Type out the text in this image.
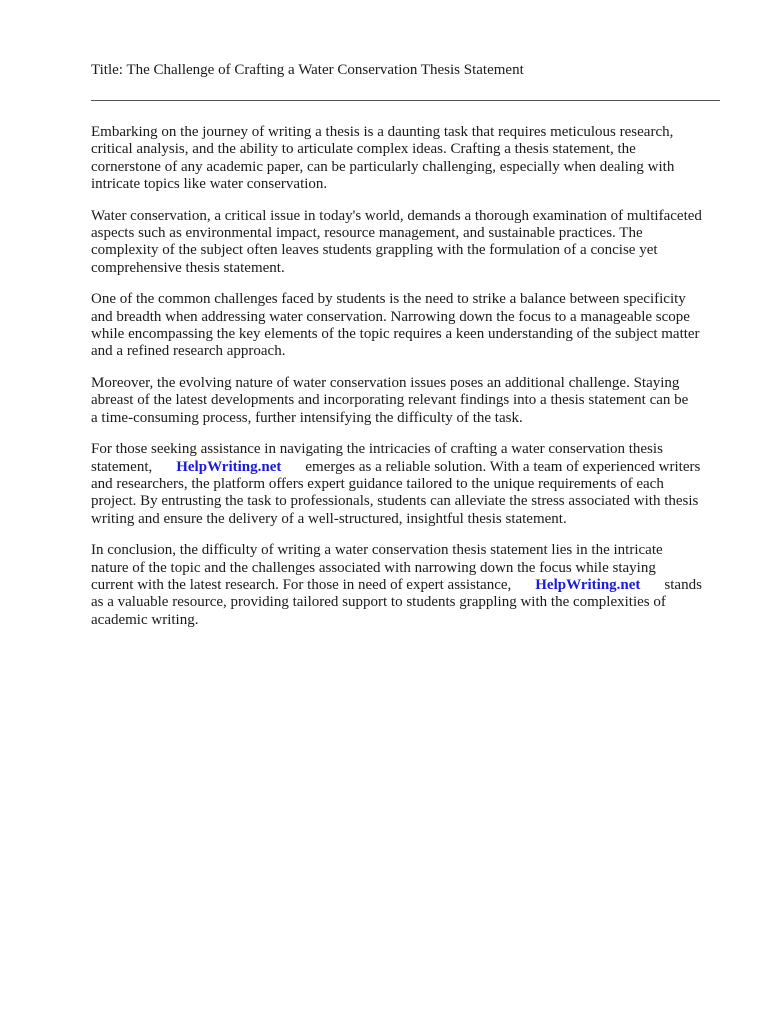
Title: The Challenge of Crafting a Water Conservation Thesis Statement

Embarking on the journey of writing a thesis is a daunting task that requires meticulous research,
critical analysis, and the ability to articulate complex ideas. Crafting a thesis statement, the
cornerstone of any academic paper, can be particularly challenging, especially when dealing with
intricate topics like water conservation.

Water conservation, a critical issue in today's world, demands a thorough examination of multifaceted
aspects such as environmental impact, resource management, and sustainable practices. The
complexity of the subject often leaves students grappling with the formulation of a concise yet
comprehensive thesis statement.

One of the common challenges faced by students is the need to strike a balance between specificity
and breadth when addressing water conservation. Narrowing down the focus to a manageable scope
while encompassing the key elements of the topic requires a keen understanding of the subject matter
and a refined research approach.

Moreover, the evolving nature of water conservation issues poses an additional challenge. Staying
abreast of the latest developments and incorporating relevant findings into a thesis statement can be
a time-consuming process, further intensifying the difficulty of the task.

For those seeking assistance in navigating the intricacies of crafting a water conservation thesis
statement, HelpWriting.net emerges as a reliable solution. With a team of experienced writers
and researchers, the platform offers expert guidance tailored to the unique requirements of each
project. By entrusting the task to professionals, students can alleviate the stress associated with thesis
writing and ensure the delivery of a well-structured, insightful thesis statement.

In conclusion, the difficulty of writing a water conservation thesis statement lies in the intricate
nature of the topic and the challenges associated with narrowing down the focus while staying
current with the latest research. For those in need of expert assistance, HelpWriting.net stands
as a valuable resource, providing tailored support to students grappling with the complexities of
academic writing.
